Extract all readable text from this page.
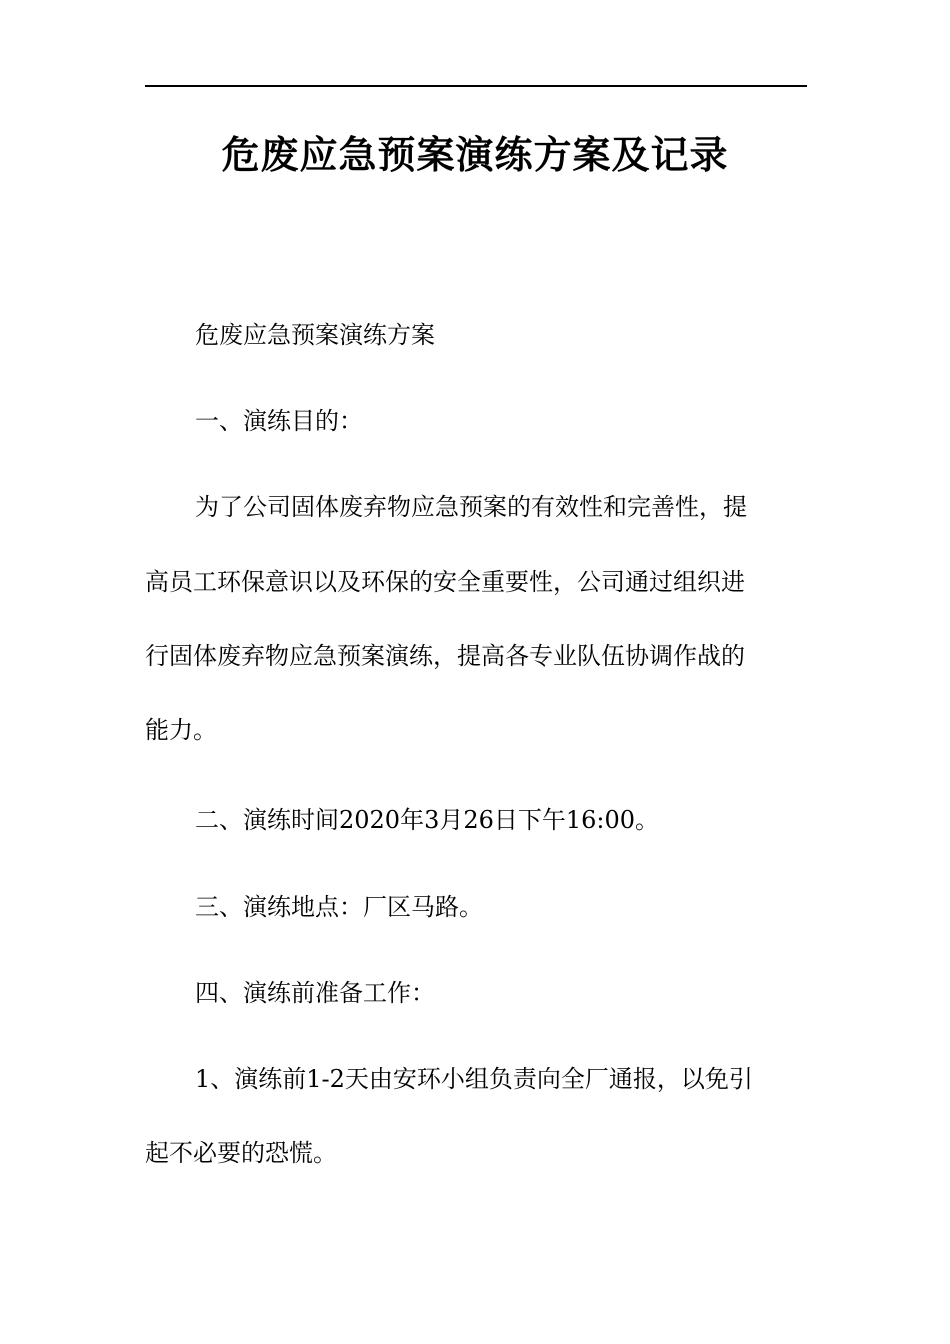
危废应急预案演练方案及记录
危废应急预案演练方案
一、演练目的：
为了公司固体废弃物应急预案的有效性和完善性，提
高员工环保意识以及环保的安全重要性，公司通过组织进
行固体废弃物应急预案演练，提高各专业队伍协调作战的
能力。
二、演练时间2020年3月26日下午16:00。
三、演练地点：厂区马路。
四、演练前准备工作：
1、演练前1-2天由安环小组负责向全厂通报，以免引
起不必要的恐慌。
